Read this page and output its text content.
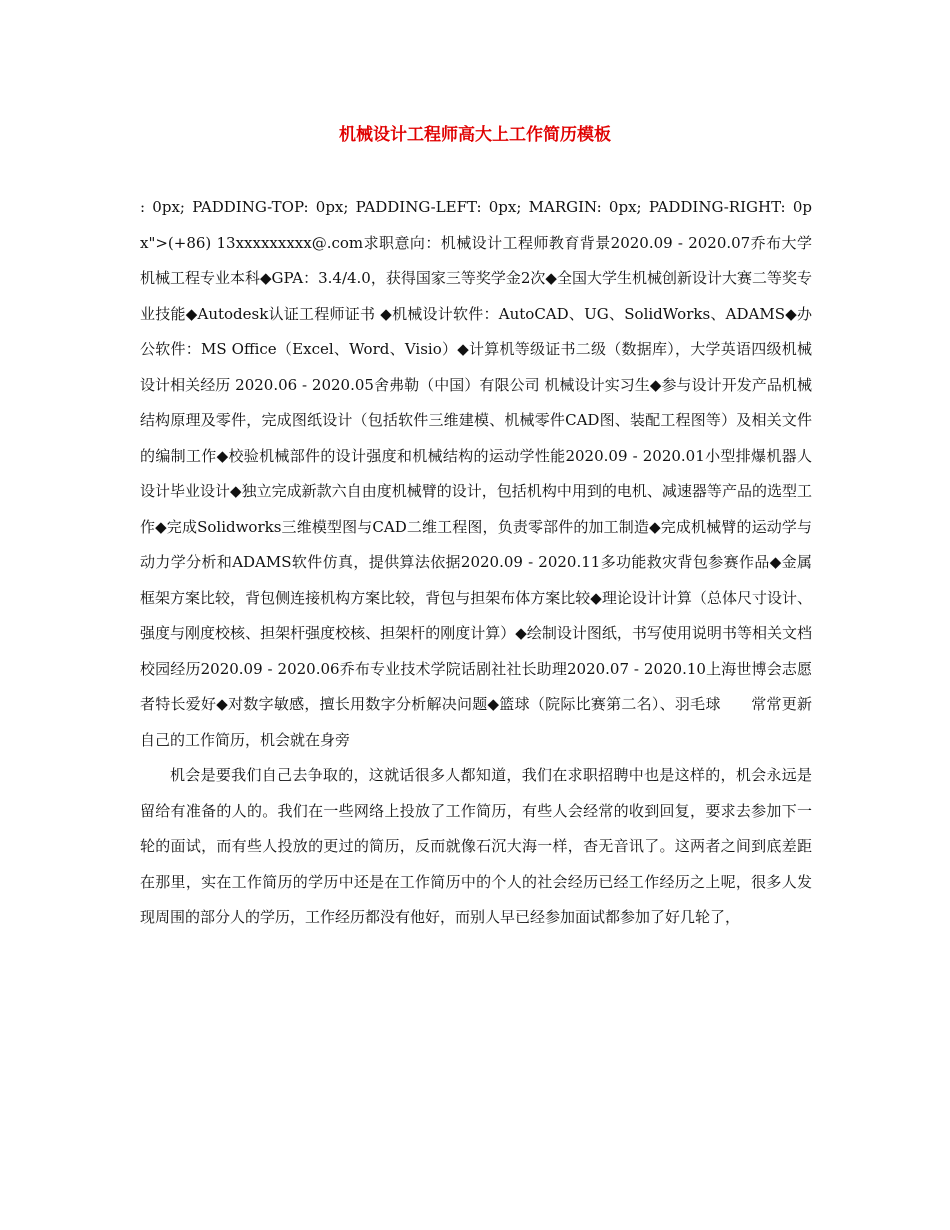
机械设计工程师高大上工作简历模板

: 0px; PADDING-TOP: 0px; PADDING-LEFT: 0px; MARGIN: 0px; PADDING-RIGHT: 0px">(+86) 13xxxxxxxxx@.com求职意向：机械设计工程师教育背景2020.09 - 2020.07乔布大学机械工程专业本科◆GPA：3.4/4.0，获得国家三等奖学金2次◆全国大学生机械创新设计大赛二等奖专业技能◆Autodesk认证工程师证书 ◆机械设计软件：AutoCAD、UG、SolidWorks、ADAMS◆办公软件：MS Office（Excel、Word、Visio）◆计算机等级证书二级（数据库），大学英语四级机械设计相关经历 2020.06 - 2020.05舍弗勒（中国）有限公司 机械设计实习生◆参与设计开发产品机械结构原理及零件，完成图纸设计（包括软件三维建模、机械零件CAD图、装配工程图等）及相关文件的编制工作◆校验机械部件的设计强度和机械结构的运动学性能2020.09 - 2020.01小型排爆机器人设计毕业设计◆独立完成新款六自由度机械臂的设计，包括机构中用到的电机、减速器等产品的选型工作◆完成Solidworks三维模型图与CAD二维工程图，负责零部件的加工制造◆完成机械臂的运动学与动力学分析和ADAMS软件仿真，提供算法依据2020.09 - 2020.11多功能救灾背包参赛作品◆金属框架方案比较，背包侧连接机构方案比较，背包与担架布体方案比较◆理论设计计算（总体尺寸设计、强度与刚度校核、担架杆强度校核、担架杆的刚度计算）◆绘制设计图纸，书写使用说明书等相关文档校园经历2020.09 - 2020.06乔布专业技术学院话剧社社长助理2020.07 - 2020.10上海世博会志愿者特长爱好◆对数字敏感，擅长用数字分析解决问题◆篮球（院际比赛第二名）、羽毛球　　常常更新自己的工作简历，机会就在身旁

机会是要我们自己去争取的，这就话很多人都知道，我们在求职招聘中也是这样的，机会永远是留给有准备的人的。我们在一些网络上投放了工作简历，有些人会经常的收到回复，要求去参加下一轮的面试，而有些人投放的更过的简历，反而就像石沉大海一样，杳无音讯了。这两者之间到底差距在那里，实在工作简历的学历中还是在工作简历中的个人的社会经历已经工作经历之上呢，很多人发现周围的部分人的学历，工作经历都没有他好，而别人早已经参加面试都参加了好几轮了，
